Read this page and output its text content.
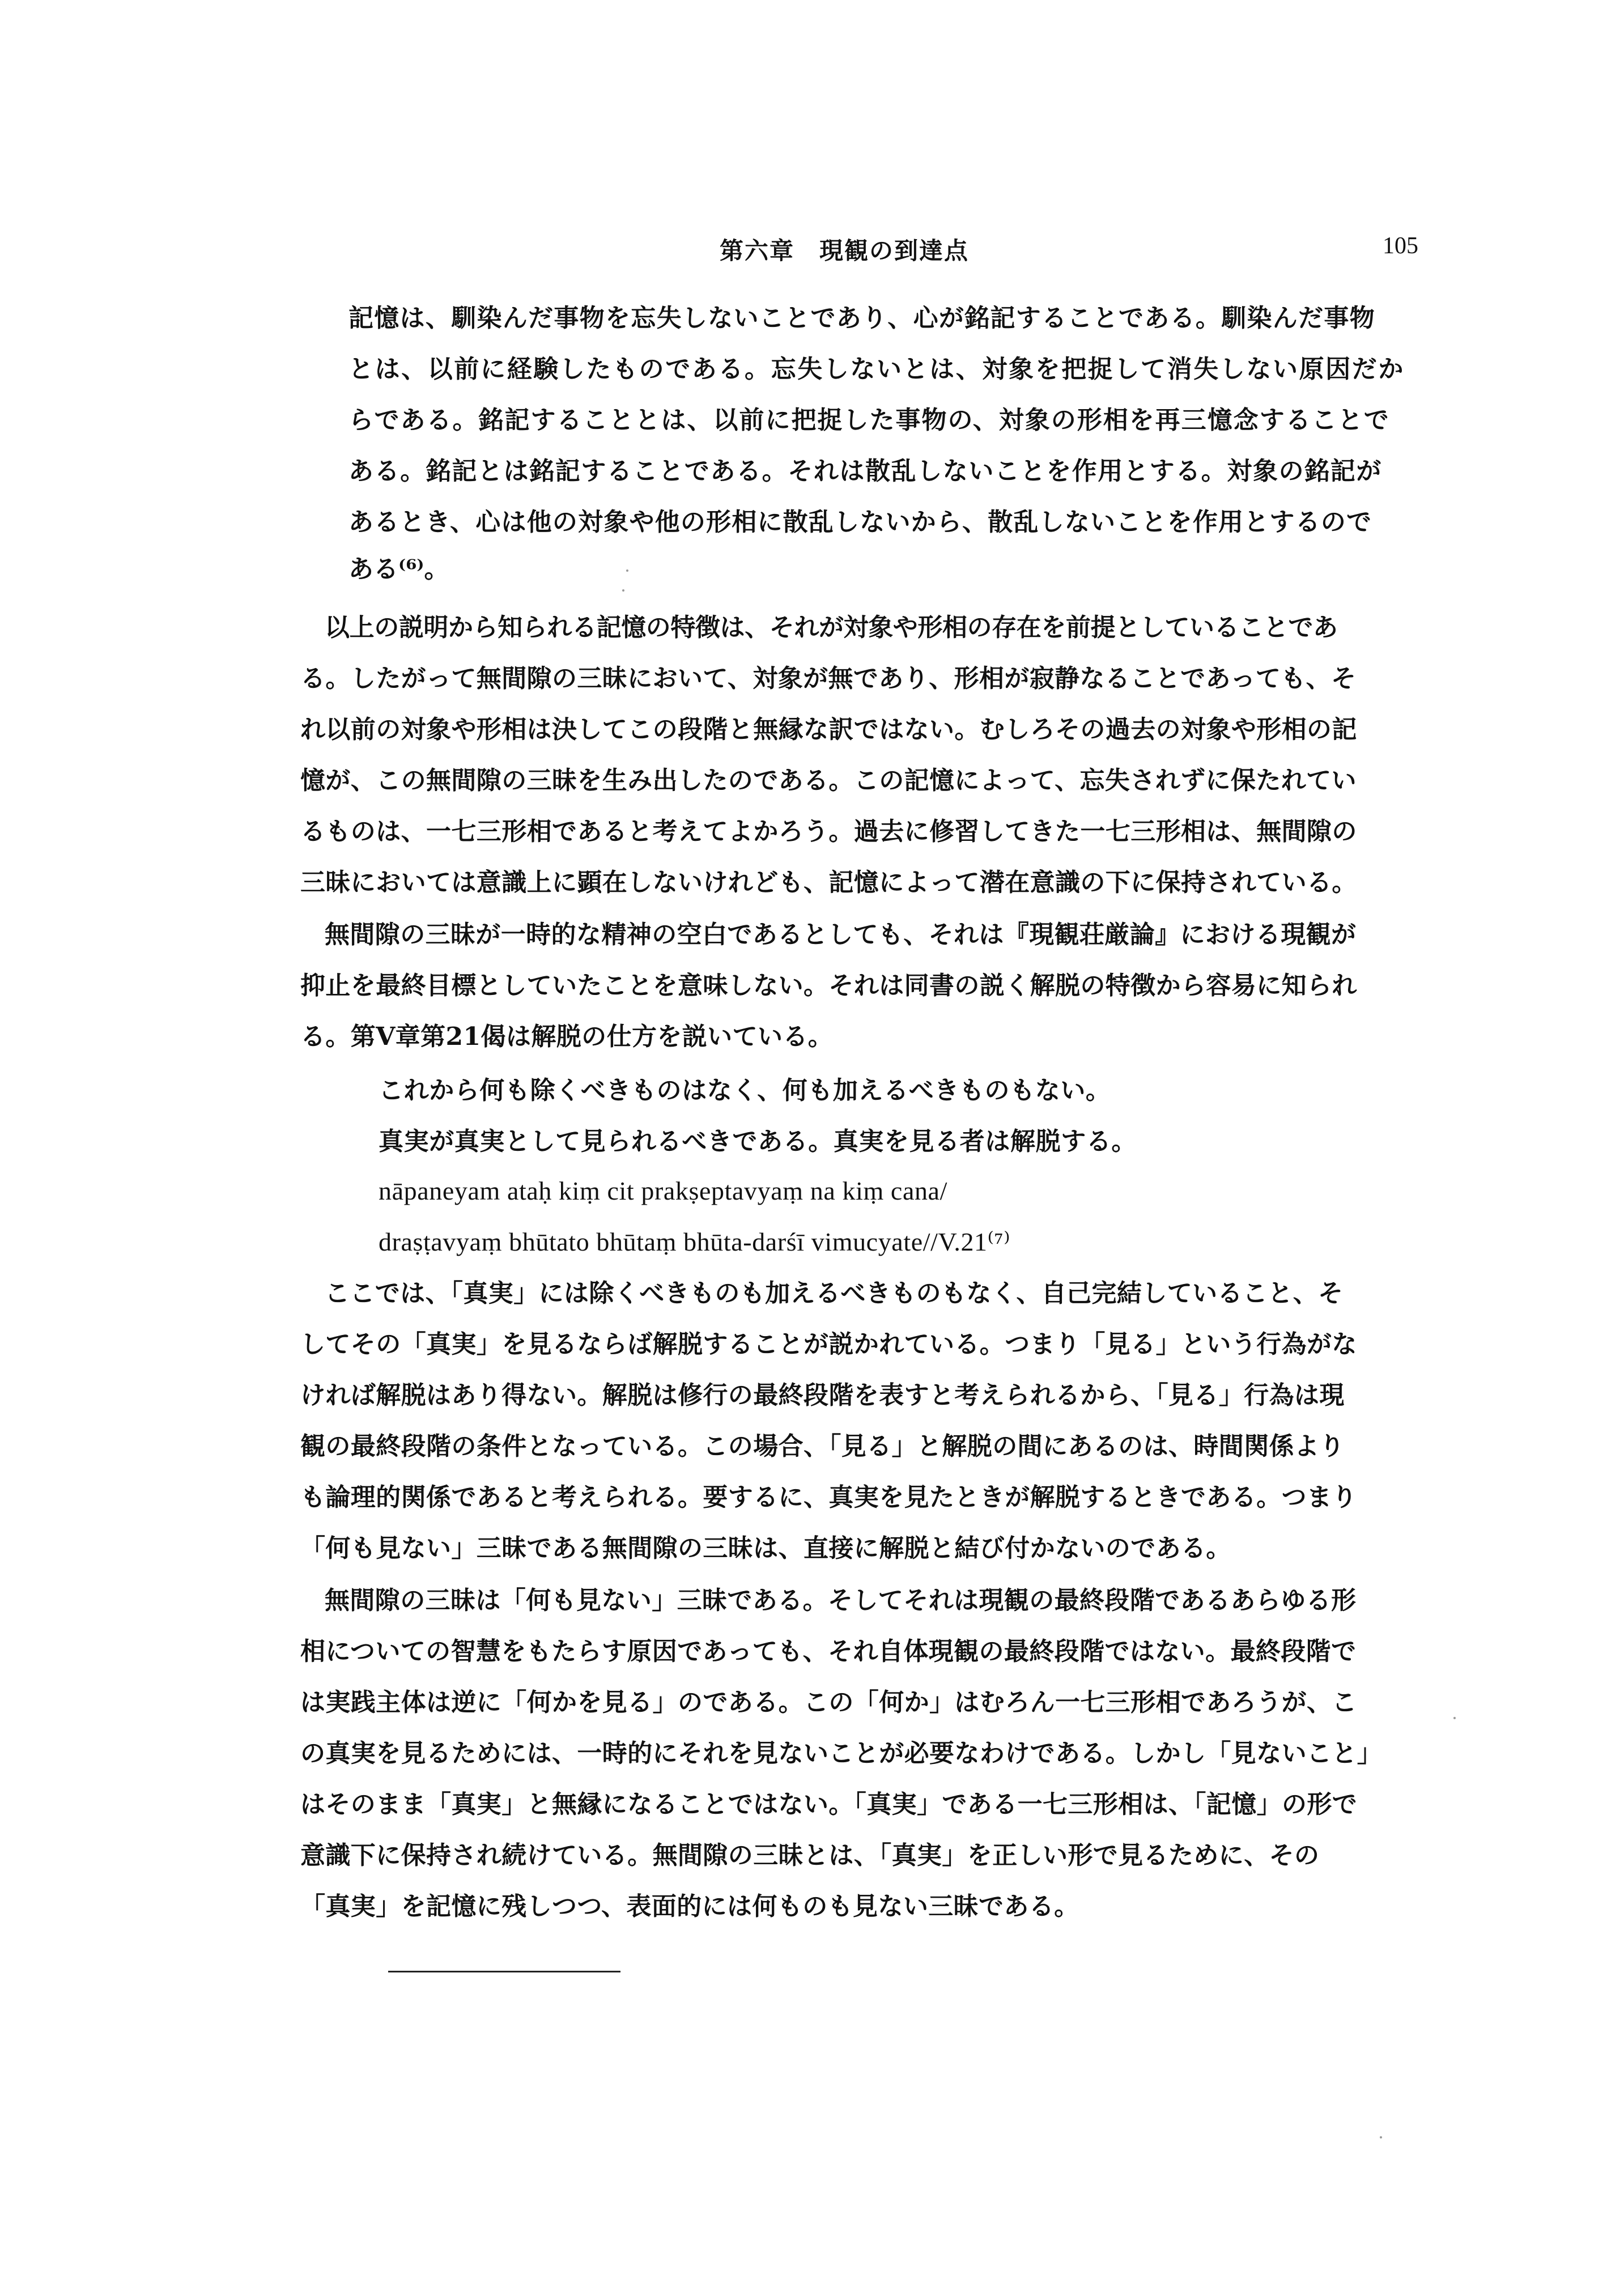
第六章　現観の到達点	105
記憶は、馴染んだ事物を忘失しないことであり、心が銘記することである。馴染んだ事物
とは、以前に経験したものである。忘失しないとは、対象を把捉して消失しない原因だか
らである。銘記することとは、以前に把捉した事物の、対象の形相を再三憶念することで
ある。銘記とは銘記することである。それは散乱しないことを作用とする。対象の銘記が
あるとき、心は他の対象や他の形相に散乱しないから、散乱しないことを作用とするので
ある⁽⁶⁾。
以上の説明から知られる記憶の特徴は、それが対象や形相の存在を前提としていることであ
る。したがって無間隙の三昧において、対象が無であり、形相が寂静なることであっても、そ
れ以前の対象や形相は決してこの段階と無縁な訳ではない。むしろその過去の対象や形相の記
憶が、この無間隙の三昧を生み出したのである。この記憶によって、忘失されずに保たれてい
るものは、一七三形相であると考えてよかろう。過去に修習してきた一七三形相は、無間隙の
三昧においては意識上に顕在しないけれども、記憶によって潜在意識の下に保持されている。
無間隙の三昧が一時的な精神の空白であるとしても、それは『現観荘厳論』における現観が
抑止を最終目標としていたことを意味しない。それは同書の説く解脱の特徴から容易に知られ
る。第Ⅴ章第21偈は解脱の仕方を説いている。
これから何も除くべきものはなく、何も加えるべきものもない。
真実が真実として見られるべきである。真実を見る者は解脱する。
nāpaneyam ataḥ kiṃ cit prakṣeptavyaṃ na kiṃ cana/
draṣṭavyaṃ bhūtato bhūtaṃ bhūta-darśī vimucyate//V.21⁽⁷⁾
ここでは、「真実」には除くべきものも加えるべきものもなく、自己完結していること、そ
してその「真実」を見るならば解脱することが説かれている。つまり「見る」という行為がな
ければ解脱はあり得ない。解脱は修行の最終段階を表すと考えられるから、「見る」行為は現
観の最終段階の条件となっている。この場合、「見る」と解脱の間にあるのは、時間関係より
も論理的関係であると考えられる。要するに、真実を見たときが解脱するときである。つまり
「何も見ない」三昧である無間隙の三昧は、直接に解脱と結び付かないのである。
無間隙の三昧は「何も見ない」三昧である。そしてそれは現観の最終段階であるあらゆる形
相についての智慧をもたらす原因であっても、それ自体現観の最終段階ではない。最終段階で
は実践主体は逆に「何かを見る」のである。この「何か」はむろん一七三形相であろうが、こ
の真実を見るためには、一時的にそれを見ないことが必要なわけである。しかし「見ないこと」
はそのまま「真実」と無縁になることではない。「真実」である一七三形相は、「記憶」の形で
意識下に保持され続けている。無間隙の三昧とは、「真実」を正しい形で見るために、その
「真実」を記憶に残しつつ、表面的には何ものも見ない三昧である。
